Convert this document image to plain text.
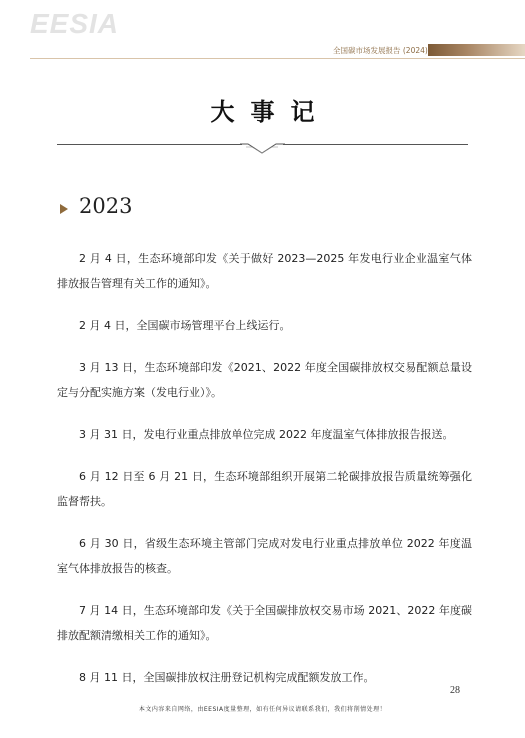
EESIA
全国碳市场发展报告 (2024)
大事记
2023

2 月 4 日，生态环境部印发《关于做好 2023—2025 年发电行业企业温室气体排放报告管理有关工作的通知》。

2 月 4 日，全国碳市场管理平台上线运行。

3 月 13 日，生态环境部印发《2021、2022 年度全国碳排放权交易配额总量设定与分配实施方案（发电行业）》。

3 月 31 日，发电行业重点排放单位完成 2022 年度温室气体排放报告报送。

6 月 12 日至 6 月 21 日，生态环境部组织开展第二轮碳排放报告质量统筹强化监督帮扶。

6 月 30 日，省级生态环境主管部门完成对发电行业重点排放单位 2022 年度温室气体排放报告的核查。

7 月 14 日，生态环境部印发《关于全国碳排放权交易市场 2021、2022 年度碳排放配额清缴相关工作的通知》。

8 月 11 日，全国碳排放权注册登记机构完成配额发放工作。

28
本文内容来自网络，由EESIA度量整理，如有任何异议请联系我们，我们将削情处理！
